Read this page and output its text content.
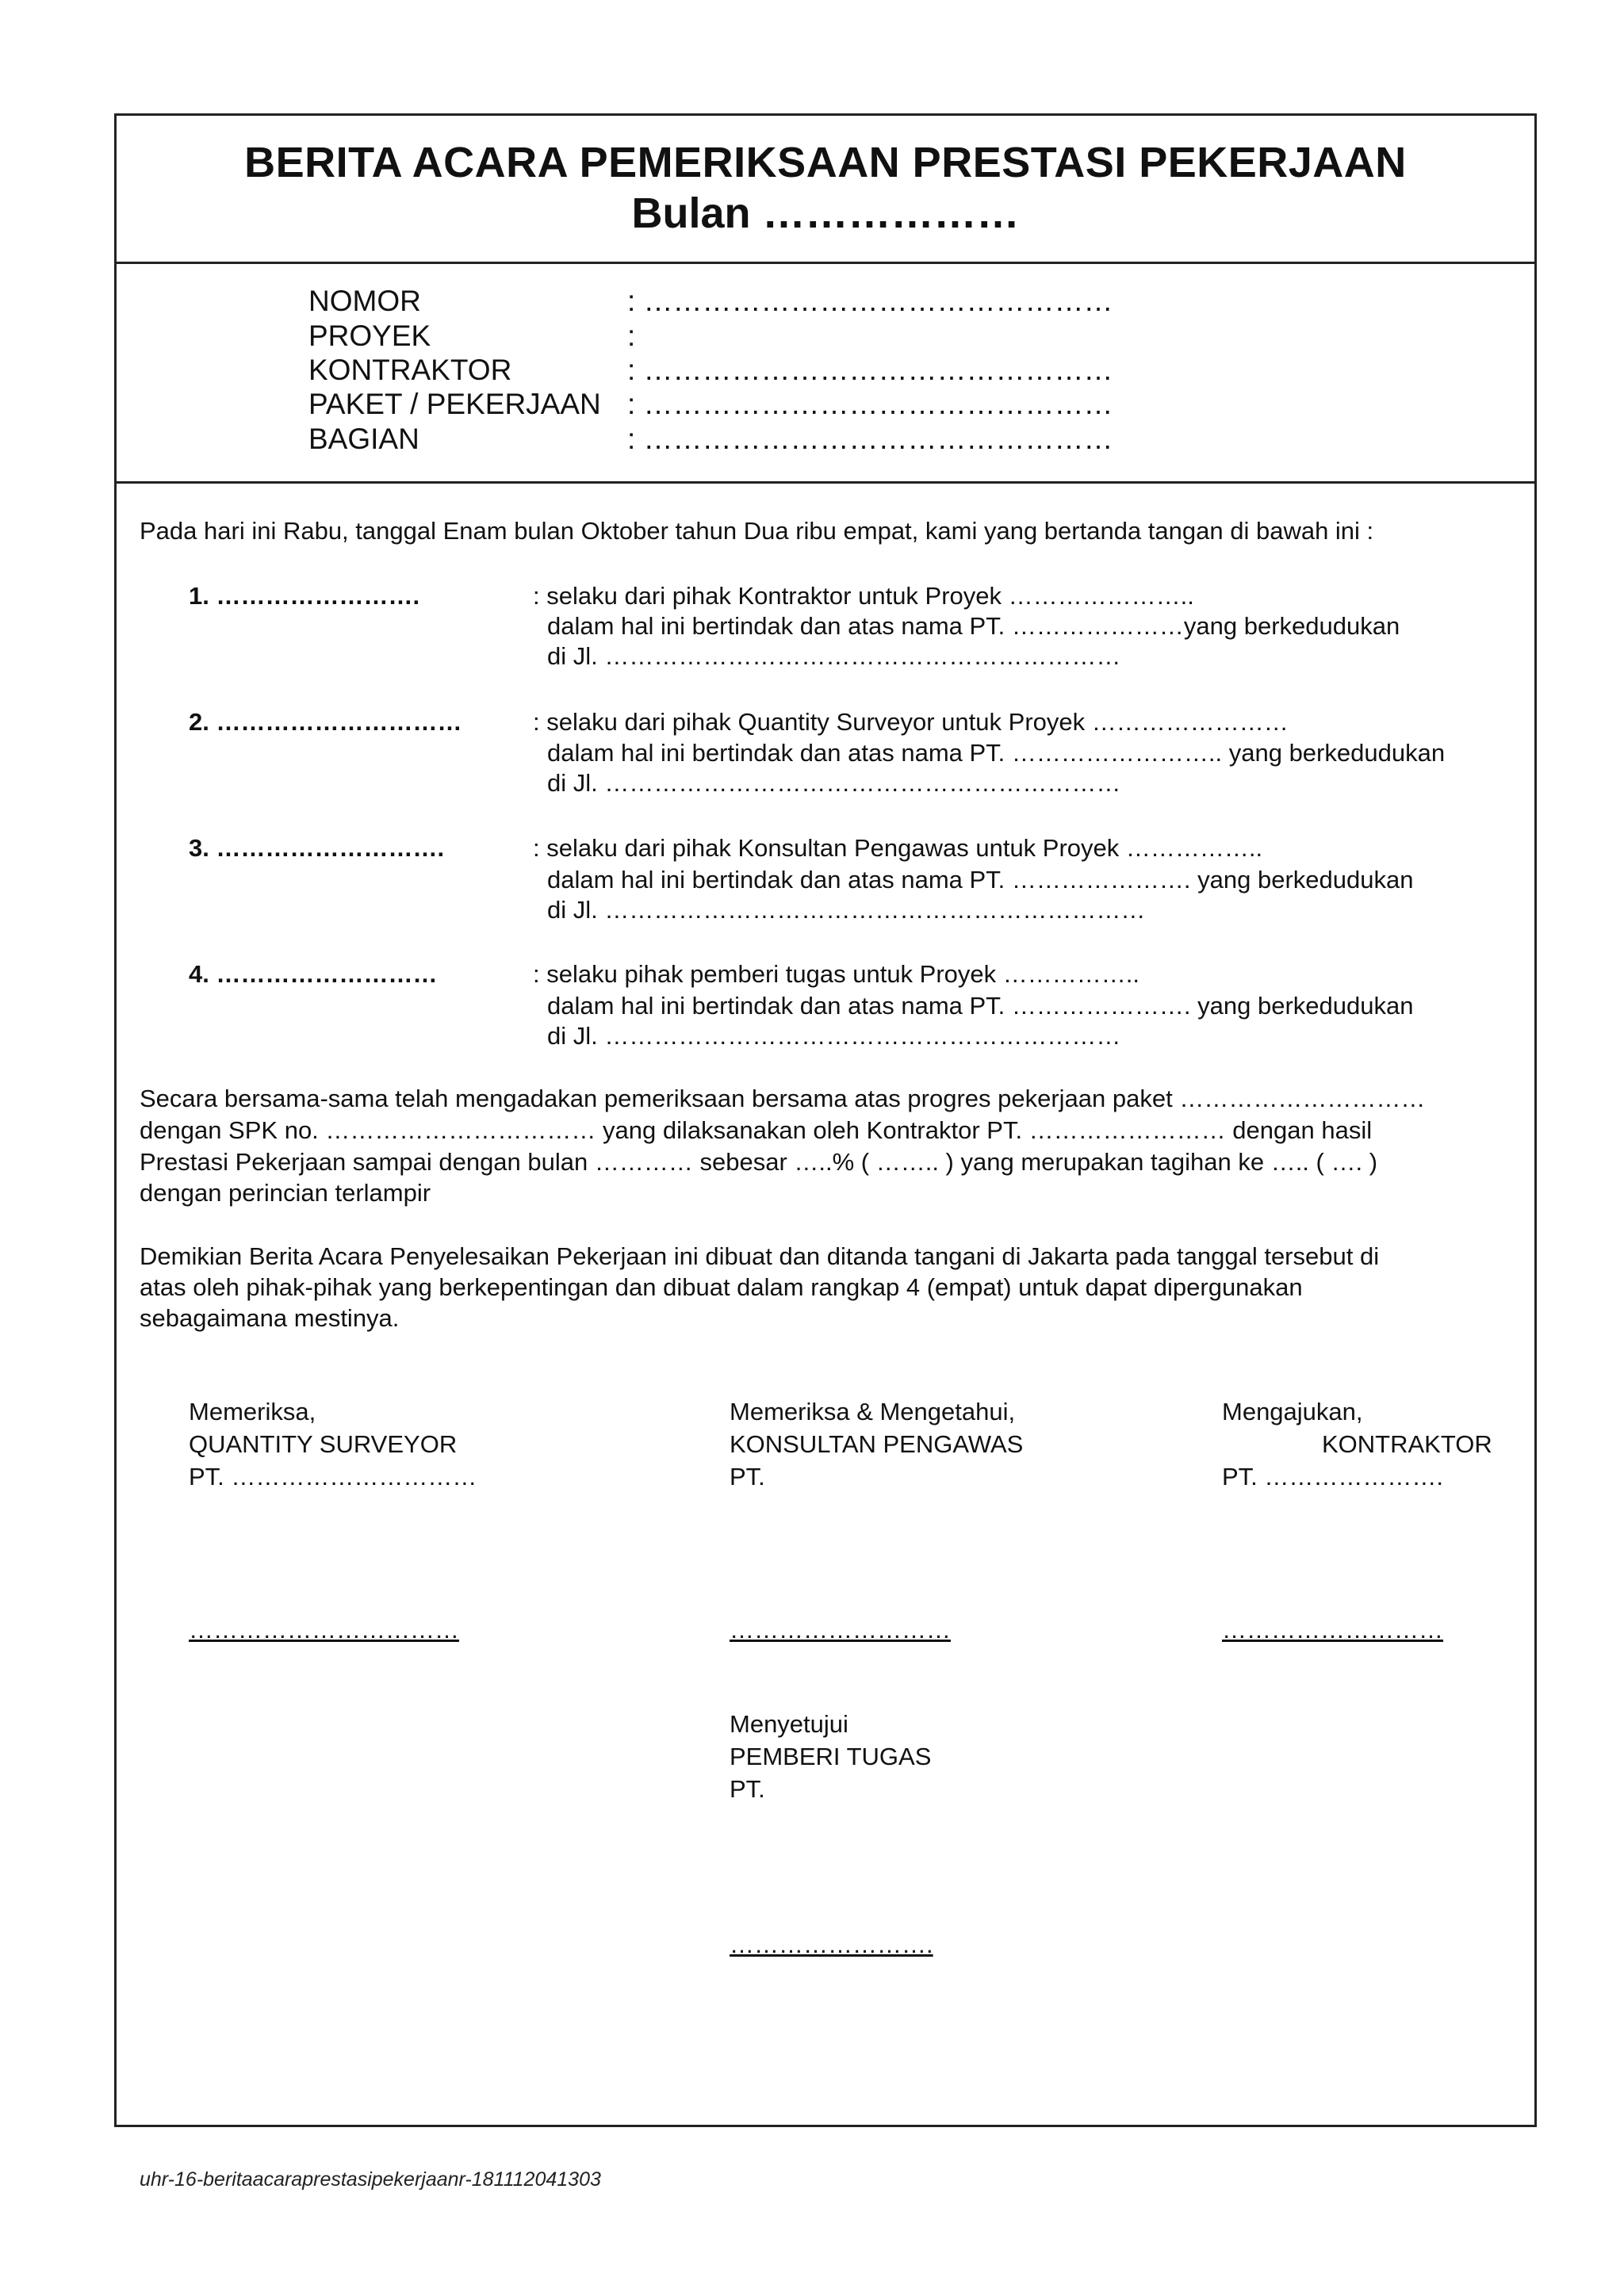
BERITA ACARA PEMERIKSAAN PRESTASI PEKERJAAN
Bulan ………………
NOMOR	: …………………………………………
PROYEK	:
KONTRAKTOR	: …………………………………………
PAKET / PEKERJAAN : …………………………………………
BAGIAN	: …………………………………………
Pada hari ini Rabu, tanggal Enam bulan Oktober tahun Dua ribu empat, kami yang bertanda tangan di bawah ini :
1. …………………….	: selaku dari pihak Kontraktor untuk Proyek …………………..
dalam hal ini bertindak dan atas nama PT. …………………yang berkedudukan
di Jl. ………………………………………………………
2. …………………………	: selaku dari pihak Quantity Surveyor untuk Proyek ……………………
dalam hal ini bertindak dan atas nama PT. …………………….. yang berkedudukan
di Jl. ………………………………………………………
3. ……………………….	: selaku dari pihak Konsultan Pengawas untuk Proyek ……………..
dalam hal ini bertindak dan atas nama PT. …………………. yang berkedudukan
di Jl. …………………………………………………………
4. ………………………	: selaku pihak pemberi tugas untuk Proyek ……………..
dalam hal ini bertindak dan atas nama PT. …………………. yang berkedudukan
di Jl. ………………………………………………………
Secara bersama-sama telah mengadakan pemeriksaan bersama atas progres pekerjaan paket …………………………
dengan SPK no. …………………………… yang dilaksanakan oleh Kontraktor PT. …………………… dengan hasil
Prestasi Pekerjaan sampai dengan bulan ………… sebesar …..% ( …….. ) yang merupakan tagihan ke ….. ( …. )
dengan perincian terlampir
Demikian Berita Acara Penyelesaikan Pekerjaan ini dibuat dan ditanda tangani di Jakarta pada tanggal tersebut di
atas oleh pihak-pihak yang berkepentingan dan dibuat dalam rangkap 4 (empat) untuk dapat dipergunakan
sebagaimana mestinya.
Memeriksa,
QUANTITY SURVEYOR
PT. …………………………
……………………………
Memeriksa & Mengetahui,
KONSULTAN PENGAWAS
PT.
………………………
Mengajukan,
KONTRAKTOR
PT. ………………….
………………………
Menyetujui
PEMBERI TUGAS
PT.
…………………….
uhr-16-beritaacaraprestasipekerjaanr-181112041303
